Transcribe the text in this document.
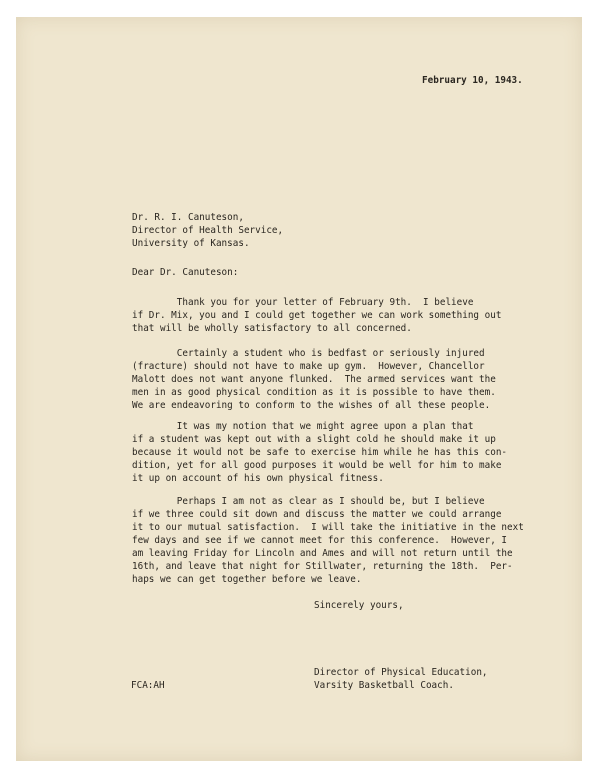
February 10, 1943.
Dr. R. I. Canuteson,
Director of Health Service,
University of Kansas.
Dear Dr. Canuteson:
Thank you for your letter of February 9th.  I believe
if Dr. Mix, you and I could get together we can work something out
that will be wholly satisfactory to all concerned.
Certainly a student who is bedfast or seriously injured
(fracture) should not have to make up gym.  However, Chancellor
Malott does not want anyone flunked.  The armed services want the
men in as good physical condition as it is possible to have them.
We are endeavoring to conform to the wishes of all these people.
It was my notion that we might agree upon a plan that
if a student was kept out with a slight cold he should make it up
because it would not be safe to exercise him while he has this con-
dition, yet for all good purposes it would be well for him to make
it up on account of his own physical fitness.
Perhaps I am not as clear as I should be, but I believe
if we three could sit down and discuss the matter we could arrange
it to our mutual satisfaction.  I will take the initiative in the next
few days and see if we cannot meet for this conference.  However, I
am leaving Friday for Lincoln and Ames and will not return until the
16th, and leave that night for Stillwater, returning the 18th.  Per-
haps we can get together before we leave.
Sincerely yours,
Director of Physical Education,
Varsity Basketball Coach.
FCA:AH
